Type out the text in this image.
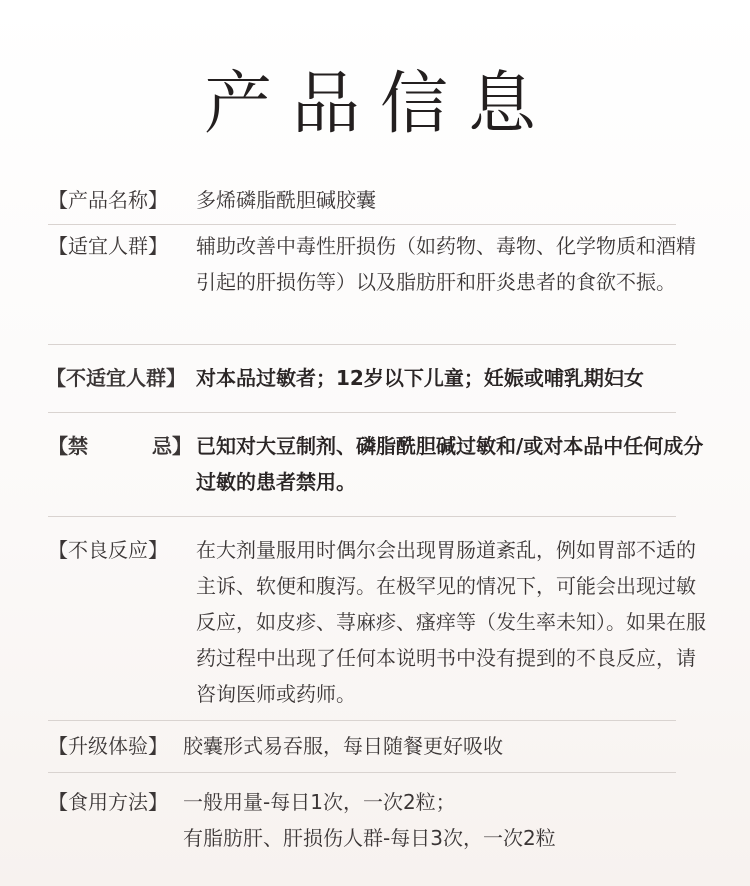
产品信息
【产品名称】 多烯磷脂酰胆碱胶囊
【适宜人群】 辅助改善中毒性肝损伤（如药物、毒物、化学物质和酒精引起的肝损伤等）以及脂肪肝和肝炎患者的食欲不振。
【不适宜人群】 对本品过敏者；12岁以下儿童；妊娠或哺乳期妇女
【禁	忌】 已知对大豆制剂、磷脂酰胆碱过敏和/或对本品中任何成分过敏的患者禁用。
【不良反应】 在大剂量服用时偶尔会出现胃肠道紊乱，例如胃部不适的主诉、软便和腹泻。在极罕见的情况下，可能会出现过敏反应，如皮疹、荨麻疹、瘙痒等（发生率未知）。如果在服药过程中出现了任何本说明书中没有提到的不良反应，请咨询医师或药师。
【升级体验】 胶囊形式易吞服，每日随餐更好吸收
【食用方法】 一般用量-每日1次，一次2粒；
有脂肪肝、肝损伤人群-每日3次，一次2粒
